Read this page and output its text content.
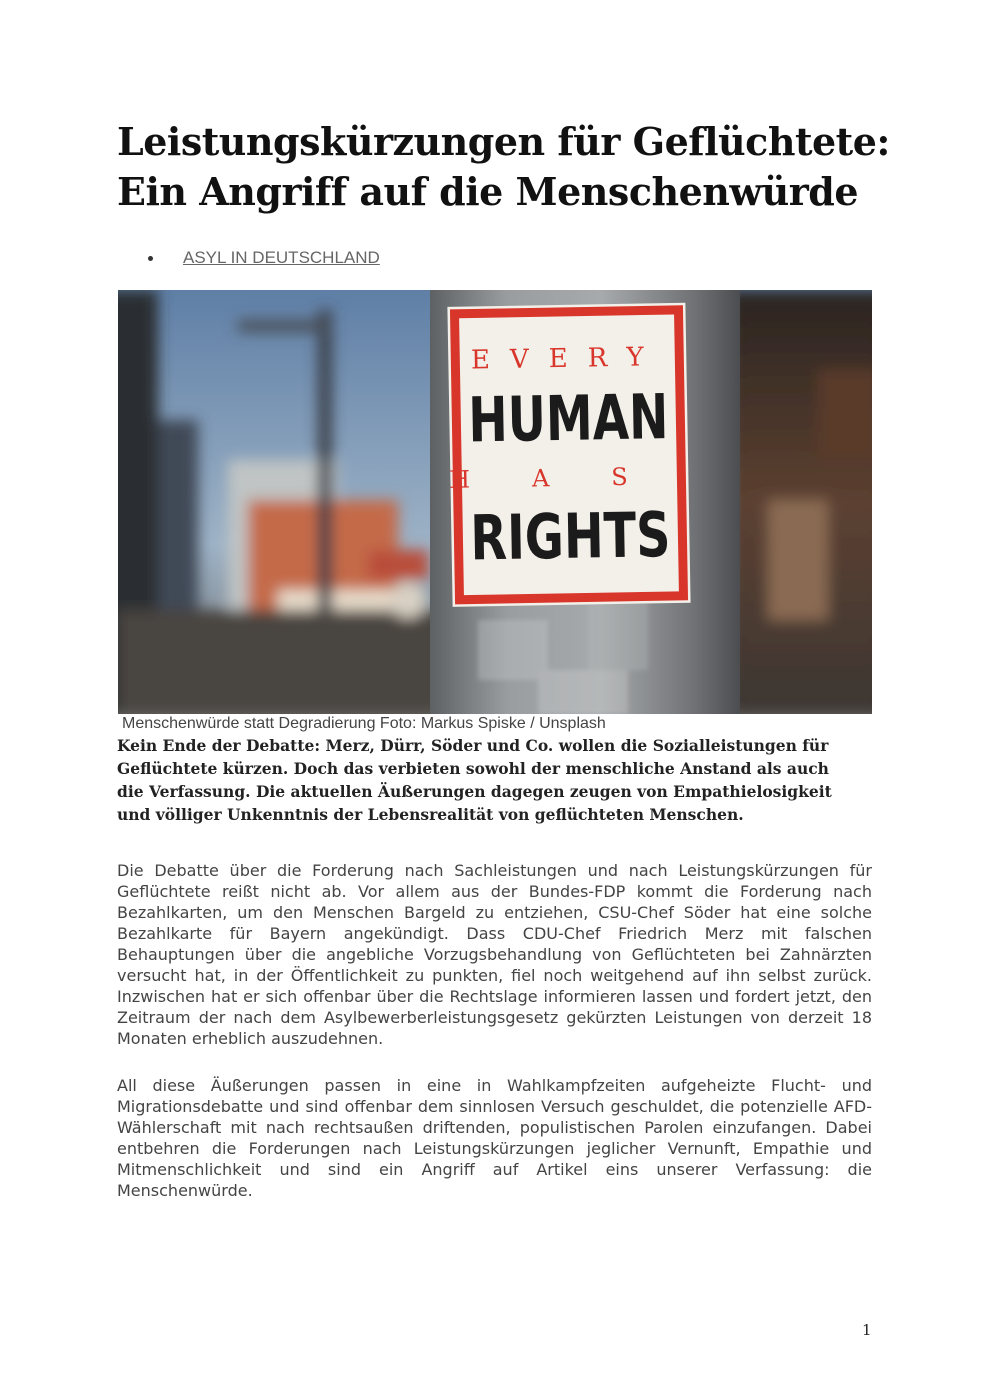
Leistungskürzungen für Geflüchtete:
Ein Angriff auf die Menschenwürde
ASYL IN DEUTSCHLAND
EVERY
HUMAN
HAS
RIGHTS
Menschenwürde statt Degradierung Foto: Markus Spiske / Unsplash

Kein Ende der Debatte: Merz, Dürr, Söder und Co. wollen die Sozialleistungen für Geflüchtete kürzen. Doch das verbieten sowohl der menschliche Anstand als auch die Verfassung. Die aktuellen Äußerungen dagegen zeugen von Empathielosigkeit und völliger Unkenntnis der Lebensrealität von geflüchteten Menschen.

Die Debatte über die Forderung nach Sachleistungen und nach Leistungskürzungen für Geflüchtete reißt nicht ab. Vor allem aus der Bundes-FDP kommt die Forderung nach Bezahlkarten, um den Menschen Bargeld zu entziehen, CSU-Chef Söder hat eine solche Bezahlkarte für Bayern angekündigt. Dass CDU-Chef Friedrich Merz mit falschen Behauptungen über die angebliche Vorzugsbehandlung von Geflüchteten bei Zahnärzten versucht hat, in der Öffentlichkeit zu punkten, fiel noch weitgehend auf ihn selbst zurück. Inzwischen hat er sich offenbar über die Rechtslage informieren lassen und fordert jetzt, den Zeitraum der nach dem Asylbewerberleistungsgesetz gekürzten Leistungen von derzeit 18 Monaten erheblich auszudehnen.

All diese Äußerungen passen in eine in Wahlkampfzeiten aufgeheizte Flucht- und Migrationsdebatte und sind offenbar dem sinnlosen Versuch geschuldet, die potenzielle AFD-Wählerschaft mit nach rechtsaußen driftenden, populistischen Parolen einzufangen. Dabei entbehren die Forderungen nach Leistungskürzungen jeglicher Vernunft, Empathie und Mitmenschlichkeit und sind ein Angriff auf Artikel eins unserer Verfassung: die Menschenwürde.

1
